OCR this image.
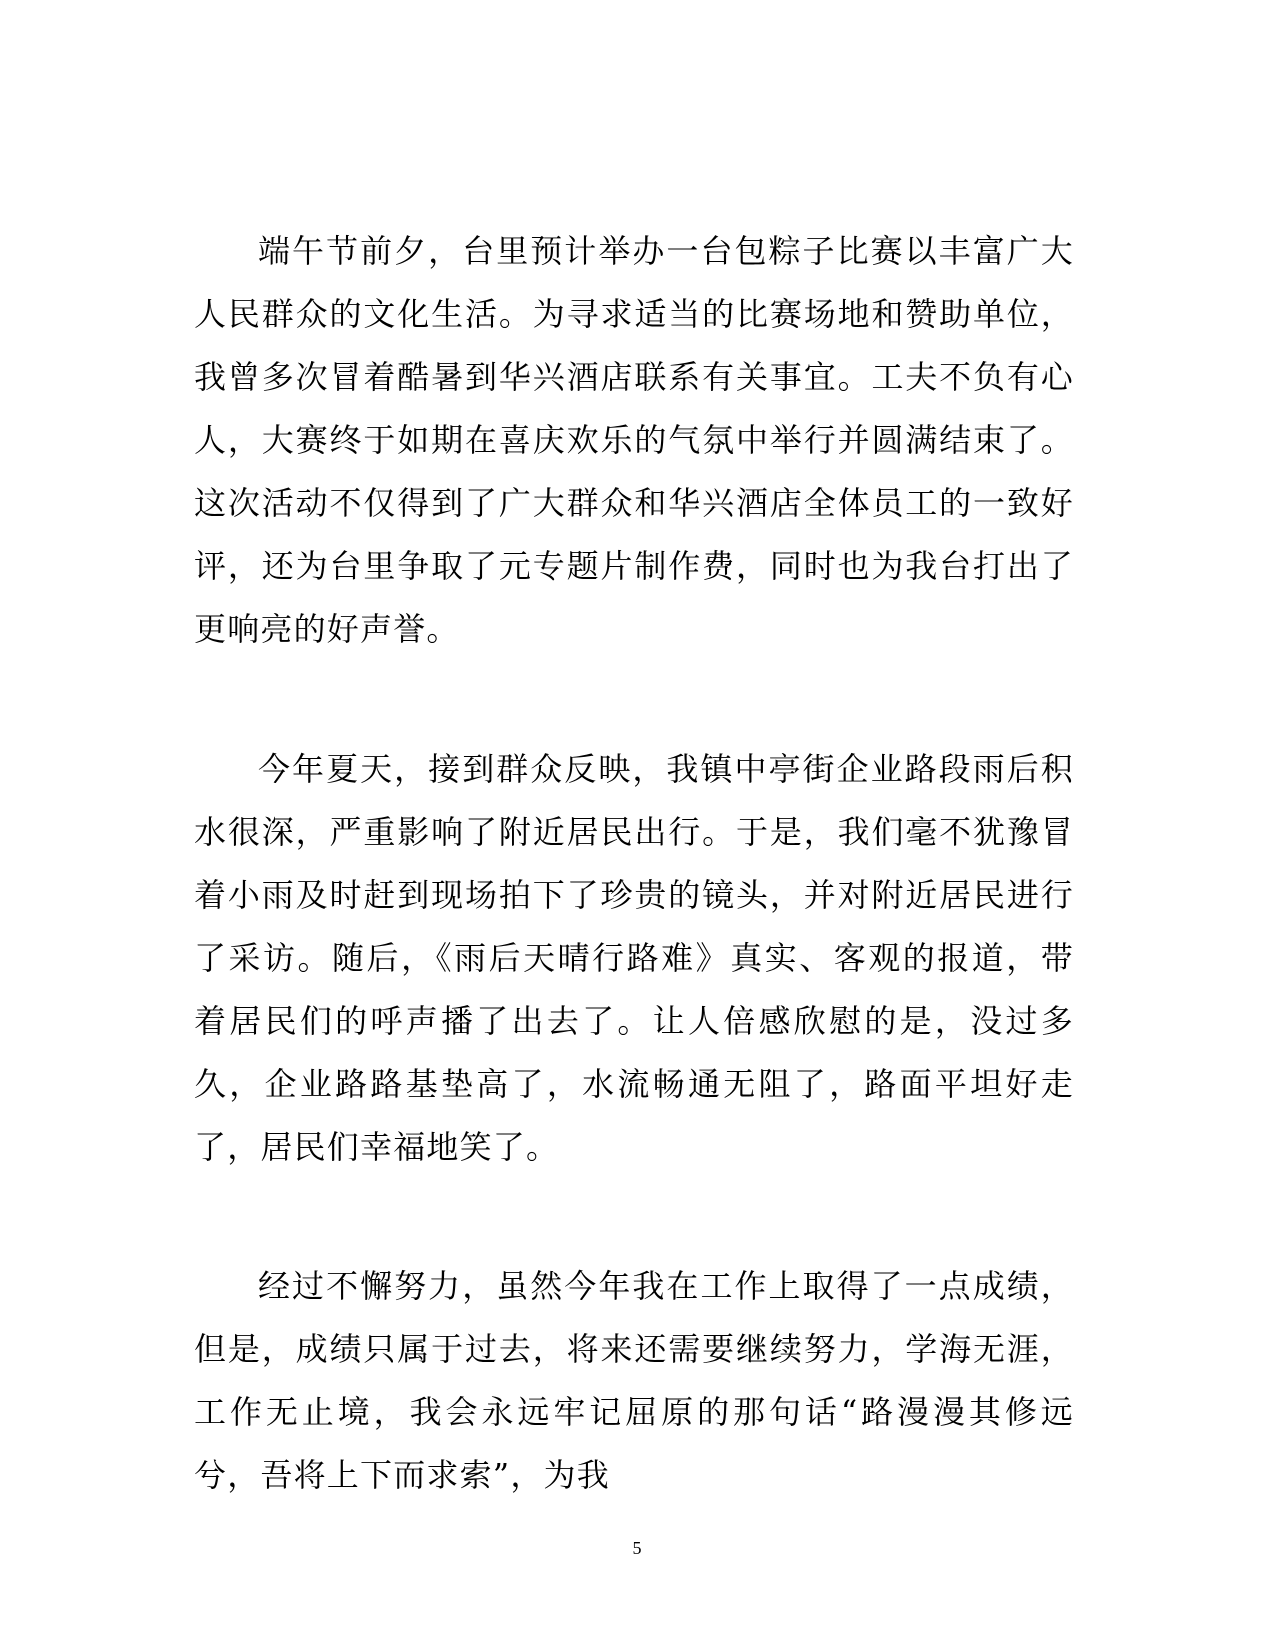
端午节前夕，台里预计举办一台包粽子比赛以丰富广大人民群众的文化生活。为寻求适当的比赛场地和赞助单位，我曾多次冒着酷暑到华兴酒店联系有关事宜。工夫不负有心人，大赛终于如期在喜庆欢乐的气氛中举行并圆满结束了。这次活动不仅得到了广大群众和华兴酒店全体员工的一致好评，还为台里争取了元专题片制作费，同时也为我台打出了更响亮的好声誉。

今年夏天，接到群众反映，我镇中亭街企业路段雨后积水很深，严重影响了附近居民出行。于是，我们毫不犹豫冒着小雨及时赶到现场拍下了珍贵的镜头，并对附近居民进行了采访。随后，《雨后天晴行路难》真实、客观的报道，带着居民们的呼声播了出去了。让人倍感欣慰的是，没过多久，企业路路基垫高了，水流畅通无阻了，路面平坦好走了，居民们幸福地笑了。

经过不懈努力，虽然今年我在工作上取得了一点成绩，但是，成绩只属于过去，将来还需要继续努力，学海无涯，工作无止境，我会永远牢记屈原的那句话“路漫漫其修远兮，吾将上下而求索”，为我

5
